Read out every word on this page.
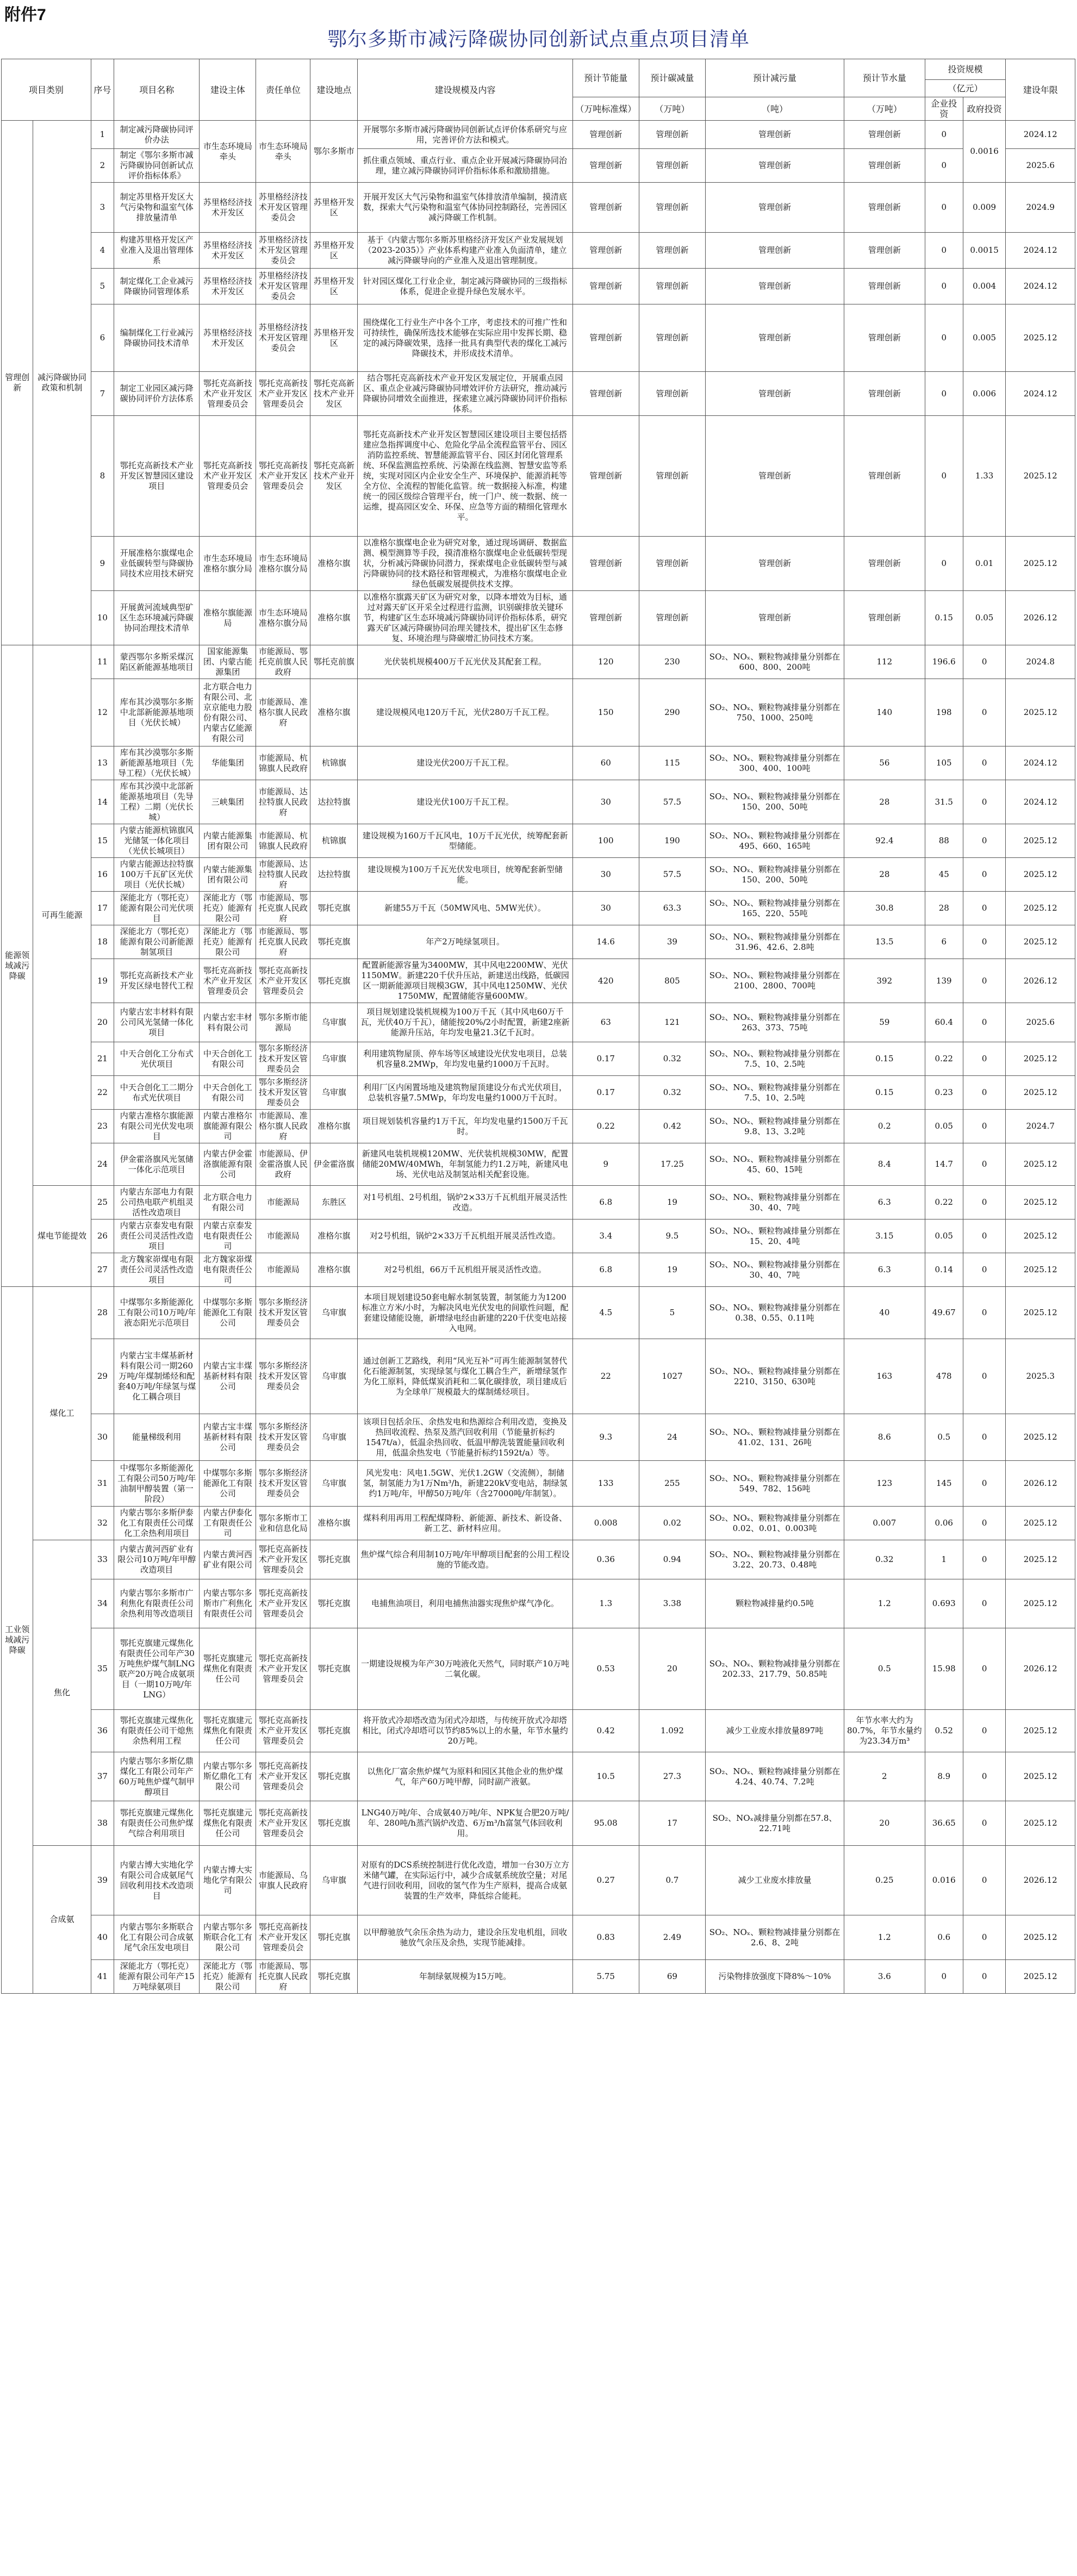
附件7
鄂尔多斯市减污降碳协同创新试点重点项目清单
项目类别		序号	项目名称	建设主体	责任单位	建设地点	建设规模及内容	预计节能量	预计碳减量	预计减污量	预计节水量	投资规模		建设年限
												（亿元）		
								（万吨标准煤）	（万吨）	（吨）	（万吨）	企业投资	政府投资	
管理创新	减污降碳协同政策和机制	1	制定减污降碳协同评价办法	市生态环境局牵头	市生态环境局牵头	鄂尔多斯市	开展鄂尔多斯市减污降碳协同创新试点评价体系研究与应用，完善评价方法和模式。	管理创新	管理创新	管理创新	管理创新	0	0.0016	2024.12
		2	制定《鄂尔多斯市减污降碳协同创新试点评价指标体系》				抓住重点领域、重点行业、重点企业开展减污降碳协同治理，建立减污降碳协同评价指标体系和激励措施。	管理创新	管理创新	管理创新	管理创新	0		2025.6
		3	制定苏里格开发区大气污染物和温室气体排放量清单	苏里格经济技术开发区	苏里格经济技术开发区管理委员会	苏里格开发区	开展开发区大气污染物和温室气体排放清单编制，摸清底数，探索大气污染物和温室气体协同控制路径，完善园区减污降碳工作机制。	管理创新	管理创新	管理创新	管理创新	0	0.009	2024.9
		4	构建苏里格开发区产业准入及退出管理体系	苏里格经济技术开发区	苏里格经济技术开发区管理委员会	苏里格开发区	基于《内蒙古鄂尔多斯苏里格经济开发区产业发展规划（2023-2035）》产业体系构建产业准入负面清单，建立减污降碳导向的产业准入及退出管理制度。	管理创新	管理创新	管理创新	管理创新	0	0.0015	2024.12
		5	制定煤化工企业减污降碳协同管理体系	苏里格经济技术开发区	苏里格经济技术开发区管理委员会	苏里格开发区	针对园区煤化工行业企业，制定减污降碳协同的三级指标体系，促进企业提升绿色发展水平。	管理创新	管理创新	管理创新	管理创新	0	0.004	2024.12
		6	编制煤化工行业减污降碳协同技术清单	苏里格经济技术开发区	苏里格经济技术开发区管理委员会	苏里格开发区	围绕煤化工行业生产中各个工序，考虑技术的可推广性和可持续性，确保所选技术能够在实际应用中发挥长期、稳定的减污降碳效果，选择一批具有典型代表的煤化工减污降碳技术，并形成技术清单。	管理创新	管理创新	管理创新	管理创新	0	0.005	2025.12
		7	制定工业园区减污降碳协同评价方法体系	鄂托克高新技术产业开发区管理委员会	鄂托克高新技术产业开发区管理委员会	鄂托克高新技术产业开发区	结合鄂托克高新技术产业开发区发展定位，开展重点园区、重点企业减污降碳协同增效评价方法研究，推动减污降碳协同增效全面推进，探索建立减污降碳协同评价指标体系。	管理创新	管理创新	管理创新	管理创新	0	0.006	2024.12
		8	鄂托克高新技术产业开发区智慧园区建设项目	鄂托克高新技术产业开发区管理委员会	鄂托克高新技术产业开发区管理委员会	鄂托克高新技术产业开发区	鄂托克高新技术产业开发区智慧园区建设项目主要包括搭建应急指挥调度中心、危险化学品全流程监管平台、园区消防监控系统、智慧能源监管平台、园区封闭化管理系统、环保监测监控系统、污染源在线监测、智慧安监等系统，实现对园区内企业安全生产、环境保护、能源消耗等全方位、全流程的智能化监管。统一数据接入标准，构建统一的园区级综合管理平台，统一门户、统一数据、统一运维，提高园区安全、环保、应急等方面的精细化管理水平。	管理创新	管理创新	管理创新	管理创新	0	1.33	2025.12
		9	开展准格尔旗煤电企业低碳转型与降碳协同技术应用技术研究	市生态环境局准格尔旗分局	市生态环境局准格尔旗分局	准格尔旗	以准格尔旗煤电企业为研究对象，通过现场调研、数据监测、模型测算等手段，摸清准格尔旗煤电企业低碳转型现状，分析减污降碳协同潜力，探索煤电企业低碳转型与减污降碳协同的技术路径和管理模式，为准格尔旗煤电企业绿色低碳发展提供技术支撑。	管理创新	管理创新	管理创新	管理创新	0	0.01	2025.12
		10	开展黄河流域典型矿区生态环境减污降碳协同治理技术清单	准格尔旗能源局	市生态环境局准格尔旗分局	准格尔旗	以准格尔旗露天矿区为研究对象，以降本增效为目标，通过对露天矿区开采全过程进行监测，识别碳排放关键环节，构建矿区生态环境减污降碳协同评价指标体系，研究露天矿区减污降碳协同治理关键技术，提出矿区生态修复、环境治理与降碳增汇协同技术方案。	管理创新	管理创新	管理创新	管理创新	0.15	0.05	2026.12
能源领域减污降碳	可再生能源	11	蒙西鄂尔多斯采煤沉陷区新能源基地项目	国家能源集团、内蒙古能源集团	市能源局、鄂托克前旗人民政府	鄂托克前旗	光伏装机规模400万千瓦光伏及其配套工程。	120	230	SO₂、NOₓ、颗粒物减排量分别都在600、800、200吨	112	196.6	0	2024.8
		12	库布其沙漠鄂尔多斯中北部新能源基地项目（光伏长城）	北方联合电力有限公司、北京京能电力股份有限公司、内蒙古亿能源有限公司	市能源局、准格尔旗人民政府	准格尔旗	建设规模风电120万千瓦，光伏280万千瓦工程。	150	290	SO₂、NOₓ、颗粒物减排量分别都在750、1000、250吨	140	198	0	2025.12
		13	库布其沙漠鄂尔多斯新能源基地项目（先导工程）（光伏长城）	华能集团	市能源局、杭锦旗人民政府	杭锦旗	建设光伏200万千瓦工程。	60	115	SO₂、NOₓ、颗粒物减排量分别都在300、400、100吨	56	105	0	2024.12
		14	库布其沙漠中北部新能源基地项目（先导工程）二期（光伏长城）	三峡集团	市能源局、达拉特旗人民政府	达拉特旗	建设光伏100万千瓦工程。	30	57.5	SO₂、NOₓ、颗粒物减排量分别都在150、200、50吨	28	31.5	0	2024.12
		15	内蒙古能源杭锦旗风光储氢一体化项目（光伏长城项目）	内蒙古能源集团有限公司	市能源局、杭锦旗人民政府	杭锦旗	建设规模为160万千瓦风电，10万千瓦光伏，统筹配套新型储能。	100	190	SO₂、NOₓ、颗粒物减排量分别都在495、660、165吨	92.4	88	0	2025.12
		16	内蒙古能源达拉特旗100万千瓦矿区光伏项目（光伏长城）	内蒙古能源集团有限公司	市能源局、达拉特旗人民政府	达拉特旗	建设规模为100万千瓦光伏发电项目，统筹配套新型储能。	30	57.5	SO₂、NOₓ、颗粒物减排量分别都在150、200、50吨	28	45	0	2025.12
		17	深能北方（鄂托克）能源有限公司光伏项目	深能北方（鄂托克）能源有限公司	市能源局、鄂托克旗人民政府	鄂托克旗	新建55万千瓦（50MW风电、5MW光伏）。	30	63.3	SO₂、NOₓ、颗粒物减排量分别都在165、220、55吨	30.8	28	0	2025.12
		18	深能北方（鄂托克）能源有限公司新能源制氢项目	深能北方（鄂托克）能源有限公司	市能源局、鄂托克旗人民政府	鄂托克旗	年产2万吨绿氢项目。	14.6	39	SO₂、NOₓ、颗粒物减排量分别都在31.96、42.6、2.8吨	13.5	6	0	2025.12
		19	鄂托克高新技术产业开发区绿电替代工程	鄂托克高新技术产业开发区管理委员会	鄂托克高新技术产业开发区管理委员会	鄂托克旗	配置新能源容量为3400MW，其中风电2200MW、光伏1150MW。新建220千伏升压站，新建送出线路，低碳园区一期新能源项目规模3GW，其中风电1250MW、光伏1750MW，配置储能容量600MW。	420	805	SO₂、NOₓ、颗粒物减排量分别都在2100、2800、700吨	392	139	0	2026.12
		20	内蒙古宏丰材料有限公司风光氢储一体化项目	内蒙古宏丰材料有限公司	鄂尔多斯市能源局	乌审旗	项目规划建设装机规模为100万千瓦（其中风电60万千瓦，光伏40万千瓦），储能按20%/2小时配置，新建2座新能源升压站，年均发电量21.3亿千瓦时。	63	121	SO₂、NOₓ、颗粒物减排量分别都在263、373、75吨	59	60.4	0	2025.6
		21	中天合创化工分布式光伏项目	中天合创化工有限公司	鄂尔多斯经济技术开发区管理委员会	乌审旗	利用建筑物屋顶、停车场等区域建设光伏发电项目，总装机容量8.2MWp，年均发电量约1000万千瓦时。	0.17	0.32	SO₂、NOₓ、颗粒物减排量分别都在7.5、10、2.5吨	0.15	0.22	0	2025.12
		22	中天合创化工二期分布式光伏项目	中天合创化工有限公司	鄂尔多斯经济技术开发区管理委员会	乌审旗	利用厂区内闲置场地及建筑物屋顶建设分布式光伏项目，总装机容量7.5MWp，年均发电量约1000万千瓦时。	0.17	0.32	SO₂、NOₓ、颗粒物减排量分别都在7.5、10、2.5吨	0.15	0.23	0	2025.12
		23	内蒙古准格尔旗能源有限公司光伏发电项目	内蒙古准格尔旗能源有限公司	市能源局、准格尔旗人民政府	准格尔旗	项目规划装机容量约1万千瓦，年均发电量约1500万千瓦时。	0.22	0.42	SO₂、NOₓ、颗粒物减排量分别都在9.8、13、3.2吨	0.2	0.05	0	2024.7
		24	伊金霍洛旗风光氢储一体化示范项目	内蒙古伊金霍洛旗能源有限公司	市能源局、伊金霍洛旗人民政府	伊金霍洛旗	新建风电装机规模120MW、光伏装机规模30MW，配置储能20MW/40MWh，年制氢能力约1.2万吨，新建风电场、光伏电站及制氢站相关配套设施。	9	17.25	SO₂、NOₓ、颗粒物减排量分别都在45、60、15吨	8.4	14.7	0	2025.12
	煤电节能提效	25	内蒙古东部电力有限公司热电联产机组灵活性改造项目	北方联合电力有限公司	市能源局	东胜区	对1号机组、2号机组，锅炉2×33万千瓦机组开展灵活性改造。	6.8	19	SO₂、NOₓ、颗粒物减排量分别都在30、40、7吨	6.3	0.22	0	2025.12
		26	内蒙古京泰发电有限责任公司灵活性改造项目	内蒙古京泰发电有限责任公司	市能源局	准格尔旗	对2号机组，锅炉2×33万千瓦机组开展灵活性改造。	3.4	9.5	SO₂、NOₓ、颗粒物减排量分别都在15、20、4吨	3.15	0.05	0	2025.12
		27	北方魏家峁煤电有限责任公司灵活性改造项目	北方魏家峁煤电有限责任公司	市能源局	准格尔旗	对2号机组，66万千瓦机组开展灵活性改造。	6.8	19	SO₂、NOₓ、颗粒物减排量分别都在30、40、7吨	6.3	0.14	0	2025.12
工业领域减污降碳	煤化工	28	中煤鄂尔多斯能源化工有限公司10万吨/年液态阳光示范项目	中煤鄂尔多斯能源化工有限公司	鄂尔多斯经济技术开发区管理委员会	乌审旗	本项目规划建设50套电解水制氢装置，制氢能力为1200标准立方米/小时，为解决风电光伏发电的间歇性问题，配套建设储能设施，新增绿电经由新建的220千伏变电站接入电网。	4.5	5	SO₂、NOₓ、颗粒物减排量分别都在0.38、0.55、0.11吨	40	49.67	0	2025.12
		29	内蒙古宝丰煤基新材料有限公司一期260万吨/年煤制烯烃和配套40万吨/年绿氢与煤化工耦合项目	内蒙古宝丰煤基新材料有限公司	鄂尔多斯经济技术开发区管理委员会	乌审旗	通过创新工艺路线，利用“风光互补”可再生能源制氢替代化石能源制氢，实现绿氢与煤化工耦合生产，新增绿氢作为化工原料，降低煤炭消耗和二氧化碳排放，项目建成后为全球单厂规模最大的煤制烯烃项目。	22	1027	SO₂、NOₓ、颗粒物减排量分别都在2210、3150、630吨	163	478	0	2025.3
		30	能量梯级利用	内蒙古宝丰煤基新材料有限公司	鄂尔多斯经济技术开发区管理委员会	乌审旗	该项目包括余压、余热发电和热源综合利用改造，变换及热回收流程、热泵及蒸汽回收利用（节能量折标约1547t/a），低温余热回收、低温甲醇洗装置能量回收利用，低温余热发电（节能量折标约1592t/a）等。	9.3	24	SO₂、NOₓ、颗粒物减排量分别都在41.02、131、26吨	8.6	0.5	0	2025.12
		31	中煤鄂尔多斯能源化工有限公司50万吨/年油制甲醇装置（第一阶段）	中煤鄂尔多斯能源化工有限公司	鄂尔多斯经济技术开发区管理委员会	乌审旗	风光发电：风电1.5GW、光伏1.2GW（交流侧），制储氢，制氢能力为1万Nm³/h，新建220kV变电站，制绿氢约1万吨/年，甲醇50万吨/年（含27000吨/年制氢）。	133	255	SO₂、NOₓ、颗粒物减排量分别都在549、782、156吨	123	145	0	2026.12
		32	内蒙古鄂尔多斯伊泰化工有限责任公司煤化工余热利用项目	内蒙古伊泰化工有限责任公司	鄂尔多斯市工业和信息化局	准格尔旗	煤料利用再用工程配煤降粉、新能源、新技术、新设备、新工艺、新材料应用。	0.008	0.02	SO₂、NOₓ、颗粒物减排量分别都在0.02、0.01、0.003吨	0.007	0.06	0	2025.12
	焦化	33	内蒙古黄河西矿业有限公司10万吨/年甲醇改造项目	内蒙古黄河西矿业有限公司	鄂托克高新技术产业开发区管理委员会	鄂托克旗	焦炉煤气综合利用制10万吨/年甲醇项目配套的公用工程设施的节能改造。	0.36	0.94	SO₂、NOₓ、颗粒物减排量分别都在3.22、20.73、0.48吨	0.32	1	0	2025.12
		34	内蒙古鄂尔多斯市广利焦化有限责任公司余热利用等改造项目	内蒙古鄂尔多斯市广利焦化有限责任公司	鄂托克高新技术产业开发区管理委员会	鄂托克旗	电捕焦油项目，利用电捕焦油器实现焦炉煤气净化。	1.3	3.38	颗粒物减排量约0.5吨	1.2	0.693	0	2025.12
		35	鄂托克旗建元煤焦化有限责任公司年产30万吨焦炉煤气制LNG联产20万吨合成氨项目（一期10万吨/年LNG）	鄂托克旗建元煤焦化有限责任公司	鄂托克高新技术产业开发区管理委员会	鄂托克旗	一期建设规模为年产30万吨液化天然气，同时联产10万吨二氧化碳。	0.53	20	SO₂、NOₓ、颗粒物减排量分别都在202.33、217.79、50.85吨	0.5	15.98	0	2026.12
		36	鄂托克旗建元煤焦化有限责任公司干熄焦余热利用工程	鄂托克旗建元煤焦化有限责任公司	鄂托克高新技术产业开发区管理委员会	鄂托克旗	将开放式冷却塔改造为闭式冷却塔，与传统开放式冷却塔相比，闭式冷却塔可以节约85%以上的水量，年节水量约20万吨。	0.42	1.092	减少工业废水排放量897吨	年节水率大约为80.7%，年节水量约为23.34万m³	0.52	0	2025.12
		37	内蒙古鄂尔多斯亿鼎煤化工有限公司年产60万吨焦炉煤气制甲醇项目	内蒙古鄂尔多斯亿鼎化工有限公司	鄂托克高新技术产业开发区管理委员会	鄂托克旗	以焦化厂富余焦炉煤气为原料和园区其他企业的焦炉煤气，年产60万吨甲醇，同时副产液氨。	10.5	27.3	SO₂、NOₓ、颗粒物减排量分别都在4.24、40.74、7.2吨	2	8.9	0	2025.12
		38	鄂托克旗建元煤焦化有限责任公司焦炉煤气综合利用项目	鄂托克旗建元煤焦化有限责任公司	鄂托克高新技术产业开发区管理委员会	鄂托克旗	LNG40万吨/年、合成氨40万吨/年、NPK复合肥20万吨/年、280吨/h蒸汽锅炉改造、6万m³/h富氢气体回收利用。	95.08	17	SO₂、NOₓ减排量分别都在57.8、22.71吨	20	36.65	0	2025.12
	合成氨	39	内蒙古博大实地化学有限公司合成氨尾气回收利用技术改造项目	内蒙古博大实地化学有限公司	市能源局、乌审旗人民政府	乌审旗	对原有的DCS系统控制进行优化改造，增加一台30万立方米储气罐，在实际运行中，减少合成氨系统放空量；对尾气进行回收利用，回收的氢气作为生产原料，提高合成氨装置的生产效率，降低综合能耗。	0.27	0.7	减少工业废水排放量	0.25	0.016	0	2026.12
		40	内蒙古鄂尔多斯联合化工有限公司合成氨尾气余压发电项目	内蒙古鄂尔多斯联合化工有限公司	鄂托克高新技术产业开发区管理委员会	鄂托克旗	以甲醇驰放气余压余热为动力，建设余压发电机组，回收驰放气余压及余热，实现节能减排。	0.83	2.49	SO₂、NOₓ、颗粒物减排量分别都在2.6、8、2吨	1.2	0.6	0	2025.12
		41	深能北方（鄂托克）能源有限公司年产15万吨绿氨项目	深能北方（鄂托克）能源有限公司	市能源局、鄂托克旗人民政府	鄂托克旗	年制绿氨规模为15万吨。	5.75	69	污染物排放强度下降8%～10%	3.6	0	0	2025.12
